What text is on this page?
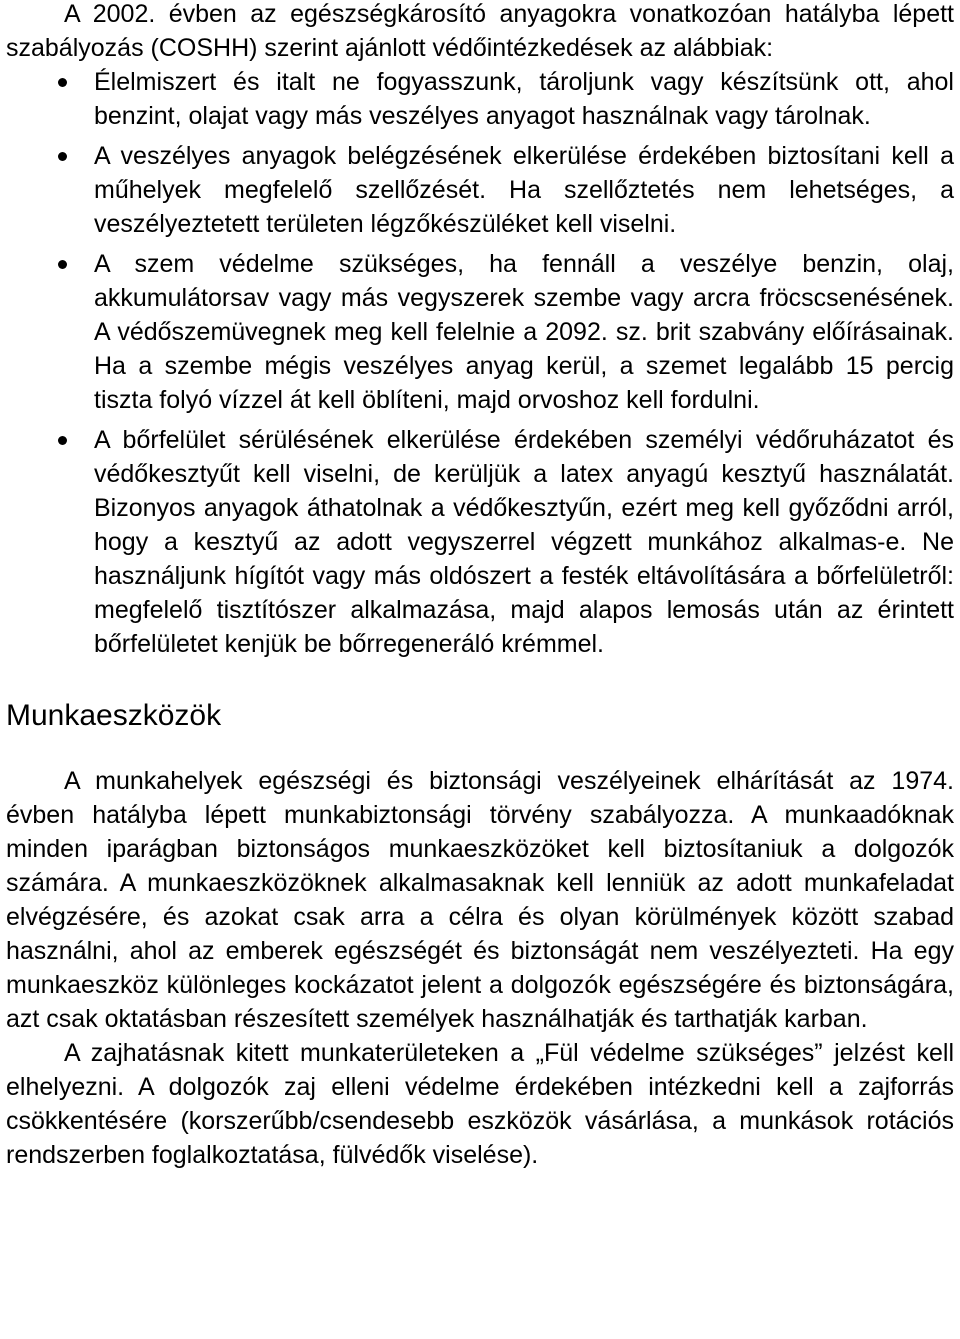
A 2002. évben az egészségkárosító anyagokra vonatkozóan hatályba lépett szabályozás (COSHH) szerint ajánlott védőintézkedések az alábbiak:

Élelmiszert és italt ne fogyasszunk, tároljunk vagy készítsünk ott, ahol benzint, olajat vagy más veszélyes anyagot használnak vagy tárolnak.
A veszélyes anyagok belégzésének elkerülése érdekében biztosítani kell a műhelyek megfelelő szellőzését. Ha szellőztetés nem lehetséges, a veszélyeztetett területen légzőkészüléket kell viselni.
A szem védelme szükséges, ha fennáll a veszélye benzin, olaj, akkumulátorsav vagy más vegyszerek szembe vagy arcra fröcscsenésének. A védőszemüvegnek meg kell felelnie a 2092. sz. brit szabvány előírásainak. Ha a szembe mégis veszélyes anyag kerül, a szemet legalább 15 percig tiszta folyó vízzel át kell öblíteni, majd orvoshoz kell fordulni.
A bőrfelület sérülésének elkerülése érdekében személyi védőruházatot és védőkesztyűt kell viselni, de kerüljük a latex anyagú kesztyű használatát. Bizonyos anyagok áthatolnak a védőkesztyűn, ezért meg kell győződni arról, hogy a kesztyű az adott vegyszerrel végzett munkához alkalmas-e. Ne használjunk hígítót vagy más oldószert a festék eltávolítására a bőrfelületről: megfelelő tisztítószer alkalmazása, majd alapos lemosás után az érintett bőrfelületet kenjük be bőrregeneráló krémmel.
Munkaeszközök

A munkahelyek egészségi és biztonsági veszélyeinek elhárítását az 1974. évben hatályba lépett munkabiztonsági törvény szabályozza. A munkaadóknak minden iparágban biztonságos munkaeszközöket kell biztosítaniuk a dolgozók számára. A munkaeszközöknek alkalmasaknak kell lenniük az adott munkafeladat elvégzésére, és azokat csak arra a célra és olyan körülmények között szabad használni, ahol az emberek egészségét és biztonságát nem veszélyezteti. Ha egy munkaeszköz különleges kockázatot jelent a dolgozók egészségére és biztonságára, azt csak oktatásban részesített személyek használhatják és tarthatják karban.

A zajhatásnak kitett munkaterületeken a „Fül védelme szükséges” jelzést kell elhelyezni. A dolgozók zaj elleni védelme érdekében intézkedni kell a zajforrás csökkentésére (korszerűbb/csendesebb eszközök vásárlása, a munkások rotációs rendszerben foglalkoztatása, fülvédők viselése).
